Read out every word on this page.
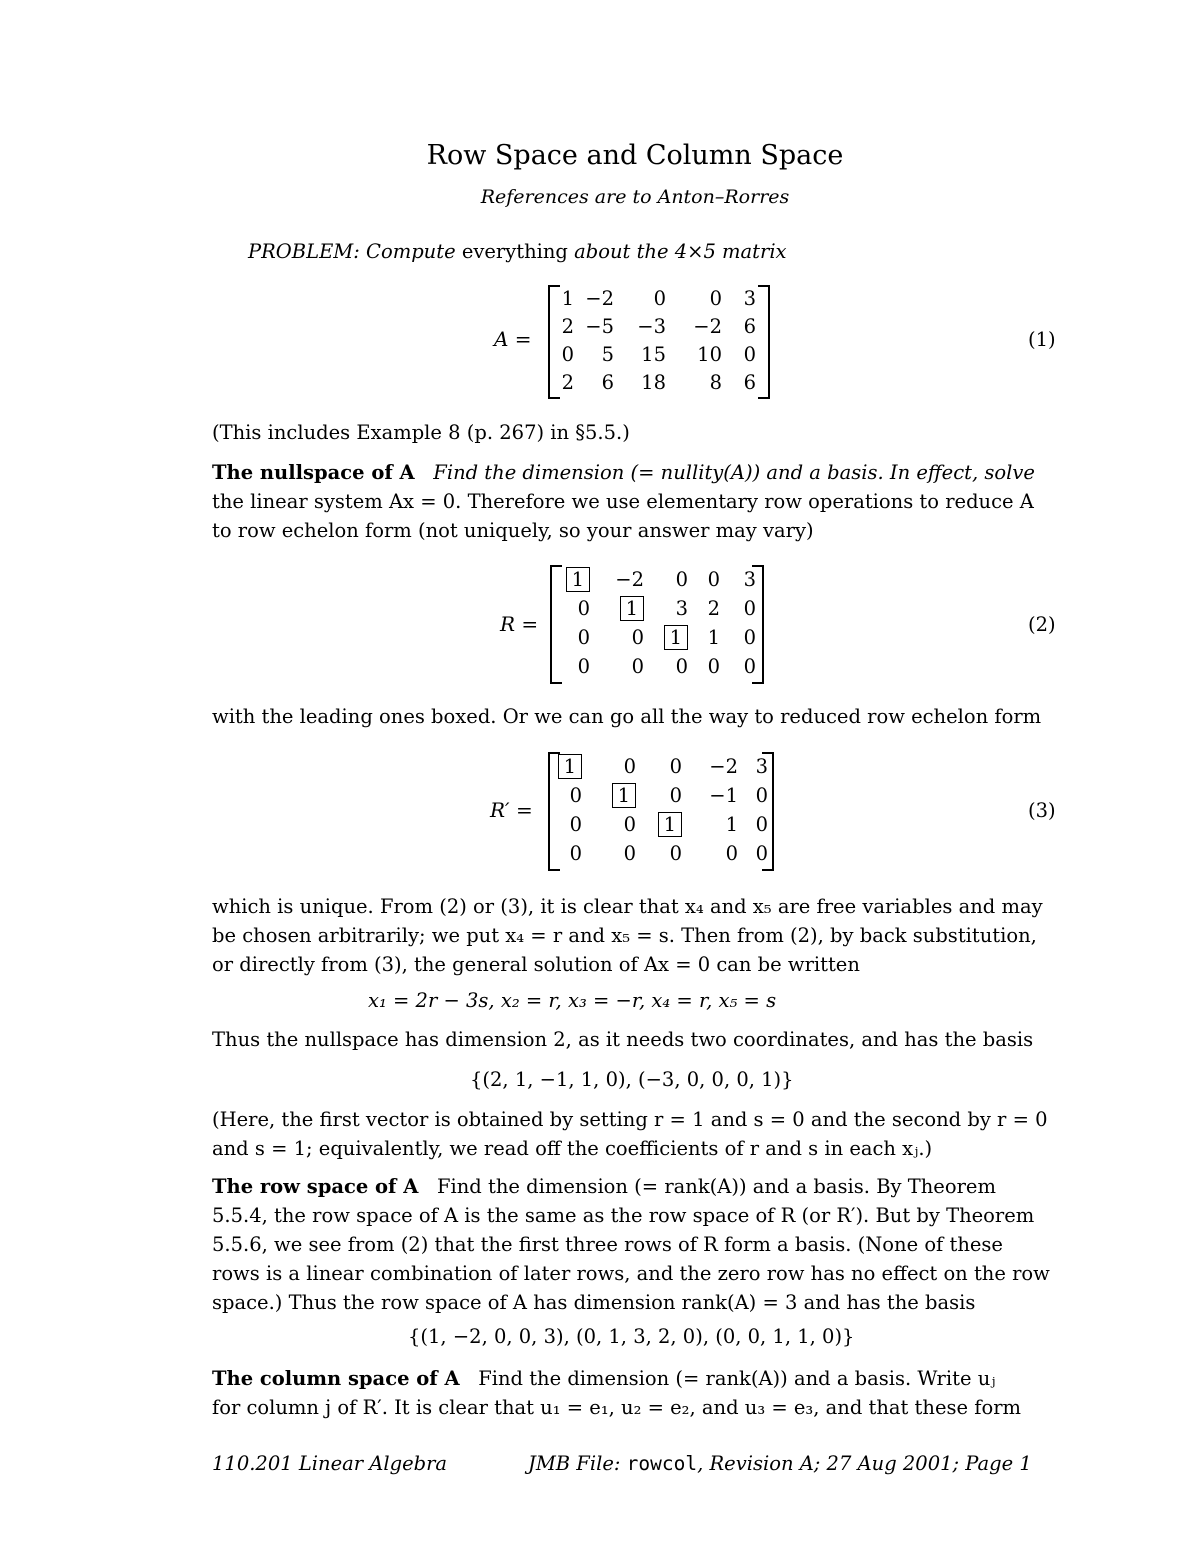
Row Space and Column Space
References are to Anton–Rorres
PROBLEM: Compute everything about the 4×5 matrix
A =
1 −2	0	0	3
2 −5 −3 −2	6
0	5 15 10	0
2	6 18	8	6
(1)
(This includes Example 8 (p. 267) in §5.5.)
The nullspace of A Find the dimension (= nullity(A)) and a basis. In effect, solve
the linear system Ax = 0. Therefore we use elementary row operations to reduce A
to row echelon form (not uniquely, so your answer may vary)
R =
1	−2	0	0	3
0	1	3	2	0
0	0	1	1	0
0	0	0	0	0
(2)
with the leading ones boxed. Or we can go all the way to reduced row echelon form
R′ =
1	0	0 −2 3
0	1	0 −1 0
0	0	1	1 0
0	0	0	0 0
(3)
which is unique. From (2) or (3), it is clear that x₄ and x₅ are free variables and may
be chosen arbitrarily; we put x₄ = r and x₅ = s. Then from (2), by back substitution,
or directly from (3), the general solution of Ax = 0 can be written
x₁ = 2r − 3s, x₂ = r, x₃ = −r, x₄ = r, x₅ = s
Thus the nullspace has dimension 2, as it needs two coordinates, and has the basis
{(2, 1, −1, 1, 0), (−3, 0, 0, 0, 1)}
(Here, the first vector is obtained by setting r = 1 and s = 0 and the second by r = 0
and s = 1; equivalently, we read off the coefficients of r and s in each xⱼ.)
The row space of A Find the dimension (= rank(A)) and a basis. By Theorem
5.5.4, the row space of A is the same as the row space of R (or R′). But by Theorem
5.5.6, we see from (2) that the first three rows of R form a basis. (None of these
rows is a linear combination of later rows, and the zero row has no effect on the row
space.) Thus the row space of A has dimension rank(A) = 3 and has the basis
{(1, −2, 0, 0, 3), (0, 1, 3, 2, 0), (0, 0, 1, 1, 0)}
The column space of A Find the dimension (= rank(A)) and a basis. Write uⱼ
for column j of R′. It is clear that u₁ = e₁, u₂ = e₂, and u₃ = e₃, and that these form
110.201 Linear Algebra	JMB File: rowcol, Revision A; 27 Aug 2001; Page 1
